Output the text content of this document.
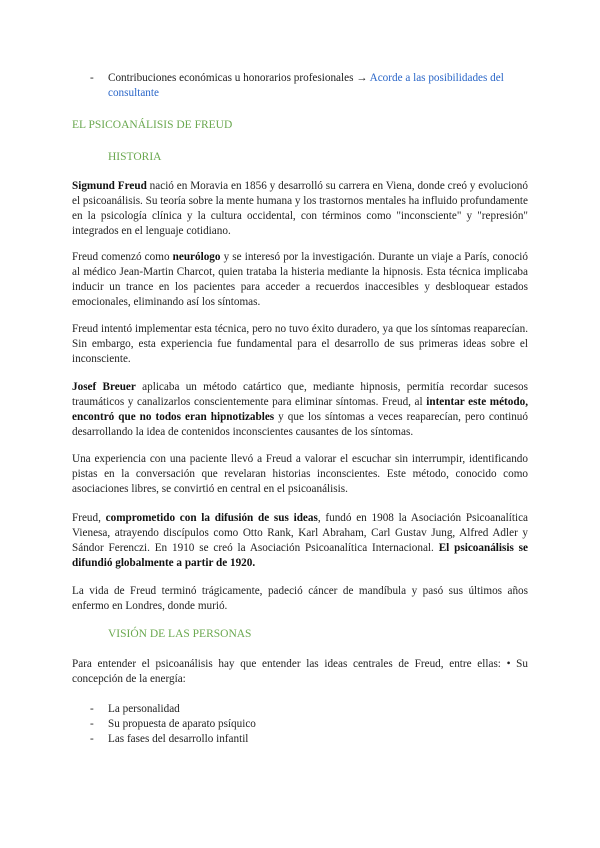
- Contribuciones económicas u honorarios profesionales → Acorde a las posibilidades del consultante
EL PSICOANÁLISIS DE FREUD
HISTORIA

Sigmund Freud nació en Moravia en 1856 y desarrolló su carrera en Viena, donde creó y evolucionó el psicoanálisis. Su teoría sobre la mente humana y los trastornos mentales ha influido profundamente en la psicología clínica y la cultura occidental, con términos como "inconsciente" y "represión" integrados en el lenguaje cotidiano.

Freud comenzó como neurólogo y se interesó por la investigación. Durante un viaje a París, conoció al médico Jean-Martin Charcot, quien trataba la histeria mediante la hipnosis. Esta técnica implicaba inducir un trance en los pacientes para acceder a recuerdos inaccesibles y desbloquear estados emocionales, eliminando así los síntomas.

Freud intentó implementar esta técnica, pero no tuvo éxito duradero, ya que los síntomas reaparecían. Sin embargo, esta experiencia fue fundamental para el desarrollo de sus primeras ideas sobre el inconsciente.

Josef Breuer aplicaba un método catártico que, mediante hipnosis, permitía recordar sucesos traumáticos y canalizarlos conscientemente para eliminar síntomas. Freud, al intentar este método, encontró que no todos eran hipnotizables y que los síntomas a veces reaparecían, pero continuó desarrollando la idea de contenidos inconscientes causantes de los síntomas.

Una experiencia con una paciente llevó a Freud a valorar el escuchar sin interrumpir, identificando pistas en la conversación que revelaran historias inconscientes. Este método, conocido como asociaciones libres, se convirtió en central en el psicoanálisis.

Freud, comprometido con la difusión de sus ideas, fundó en 1908 la Asociación Psicoanalítica Vienesa, atrayendo discípulos como Otto Rank, Karl Abraham, Carl Gustav Jung, Alfred Adler y Sándor Ferenczi. En 1910 se creó la Asociación Psicoanalítica Internacional. El psicoanálisis se difundió globalmente a partir de 1920.

La vida de Freud terminó trágicamente, padeció cáncer de mandíbula y pasó sus últimos años enfermo en Londres, donde murió.

VISIÓN DE LAS PERSONAS

Para entender el psicoanálisis hay que entender las ideas centrales de Freud, entre ellas: • Su concepción de la energía:

- La personalidad
- Su propuesta de aparato psíquico
- Las fases del desarrollo infantil
